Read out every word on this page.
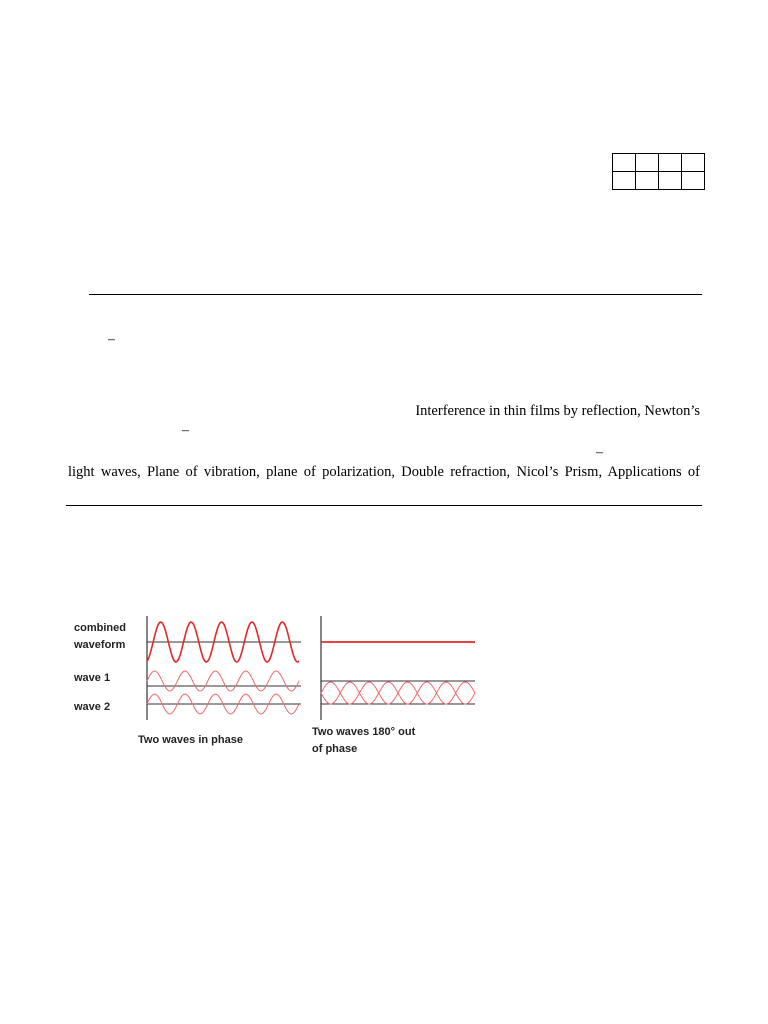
–
Interference in thin films by reflection, Newton’s
–
–
light waves, Plane of vibration, plane of polarization, Double refraction, Nicol’s Prism, Applications of
combined
waveform
wave 1
wave 2
Two waves in phase
Two waves 180° out
of phase
